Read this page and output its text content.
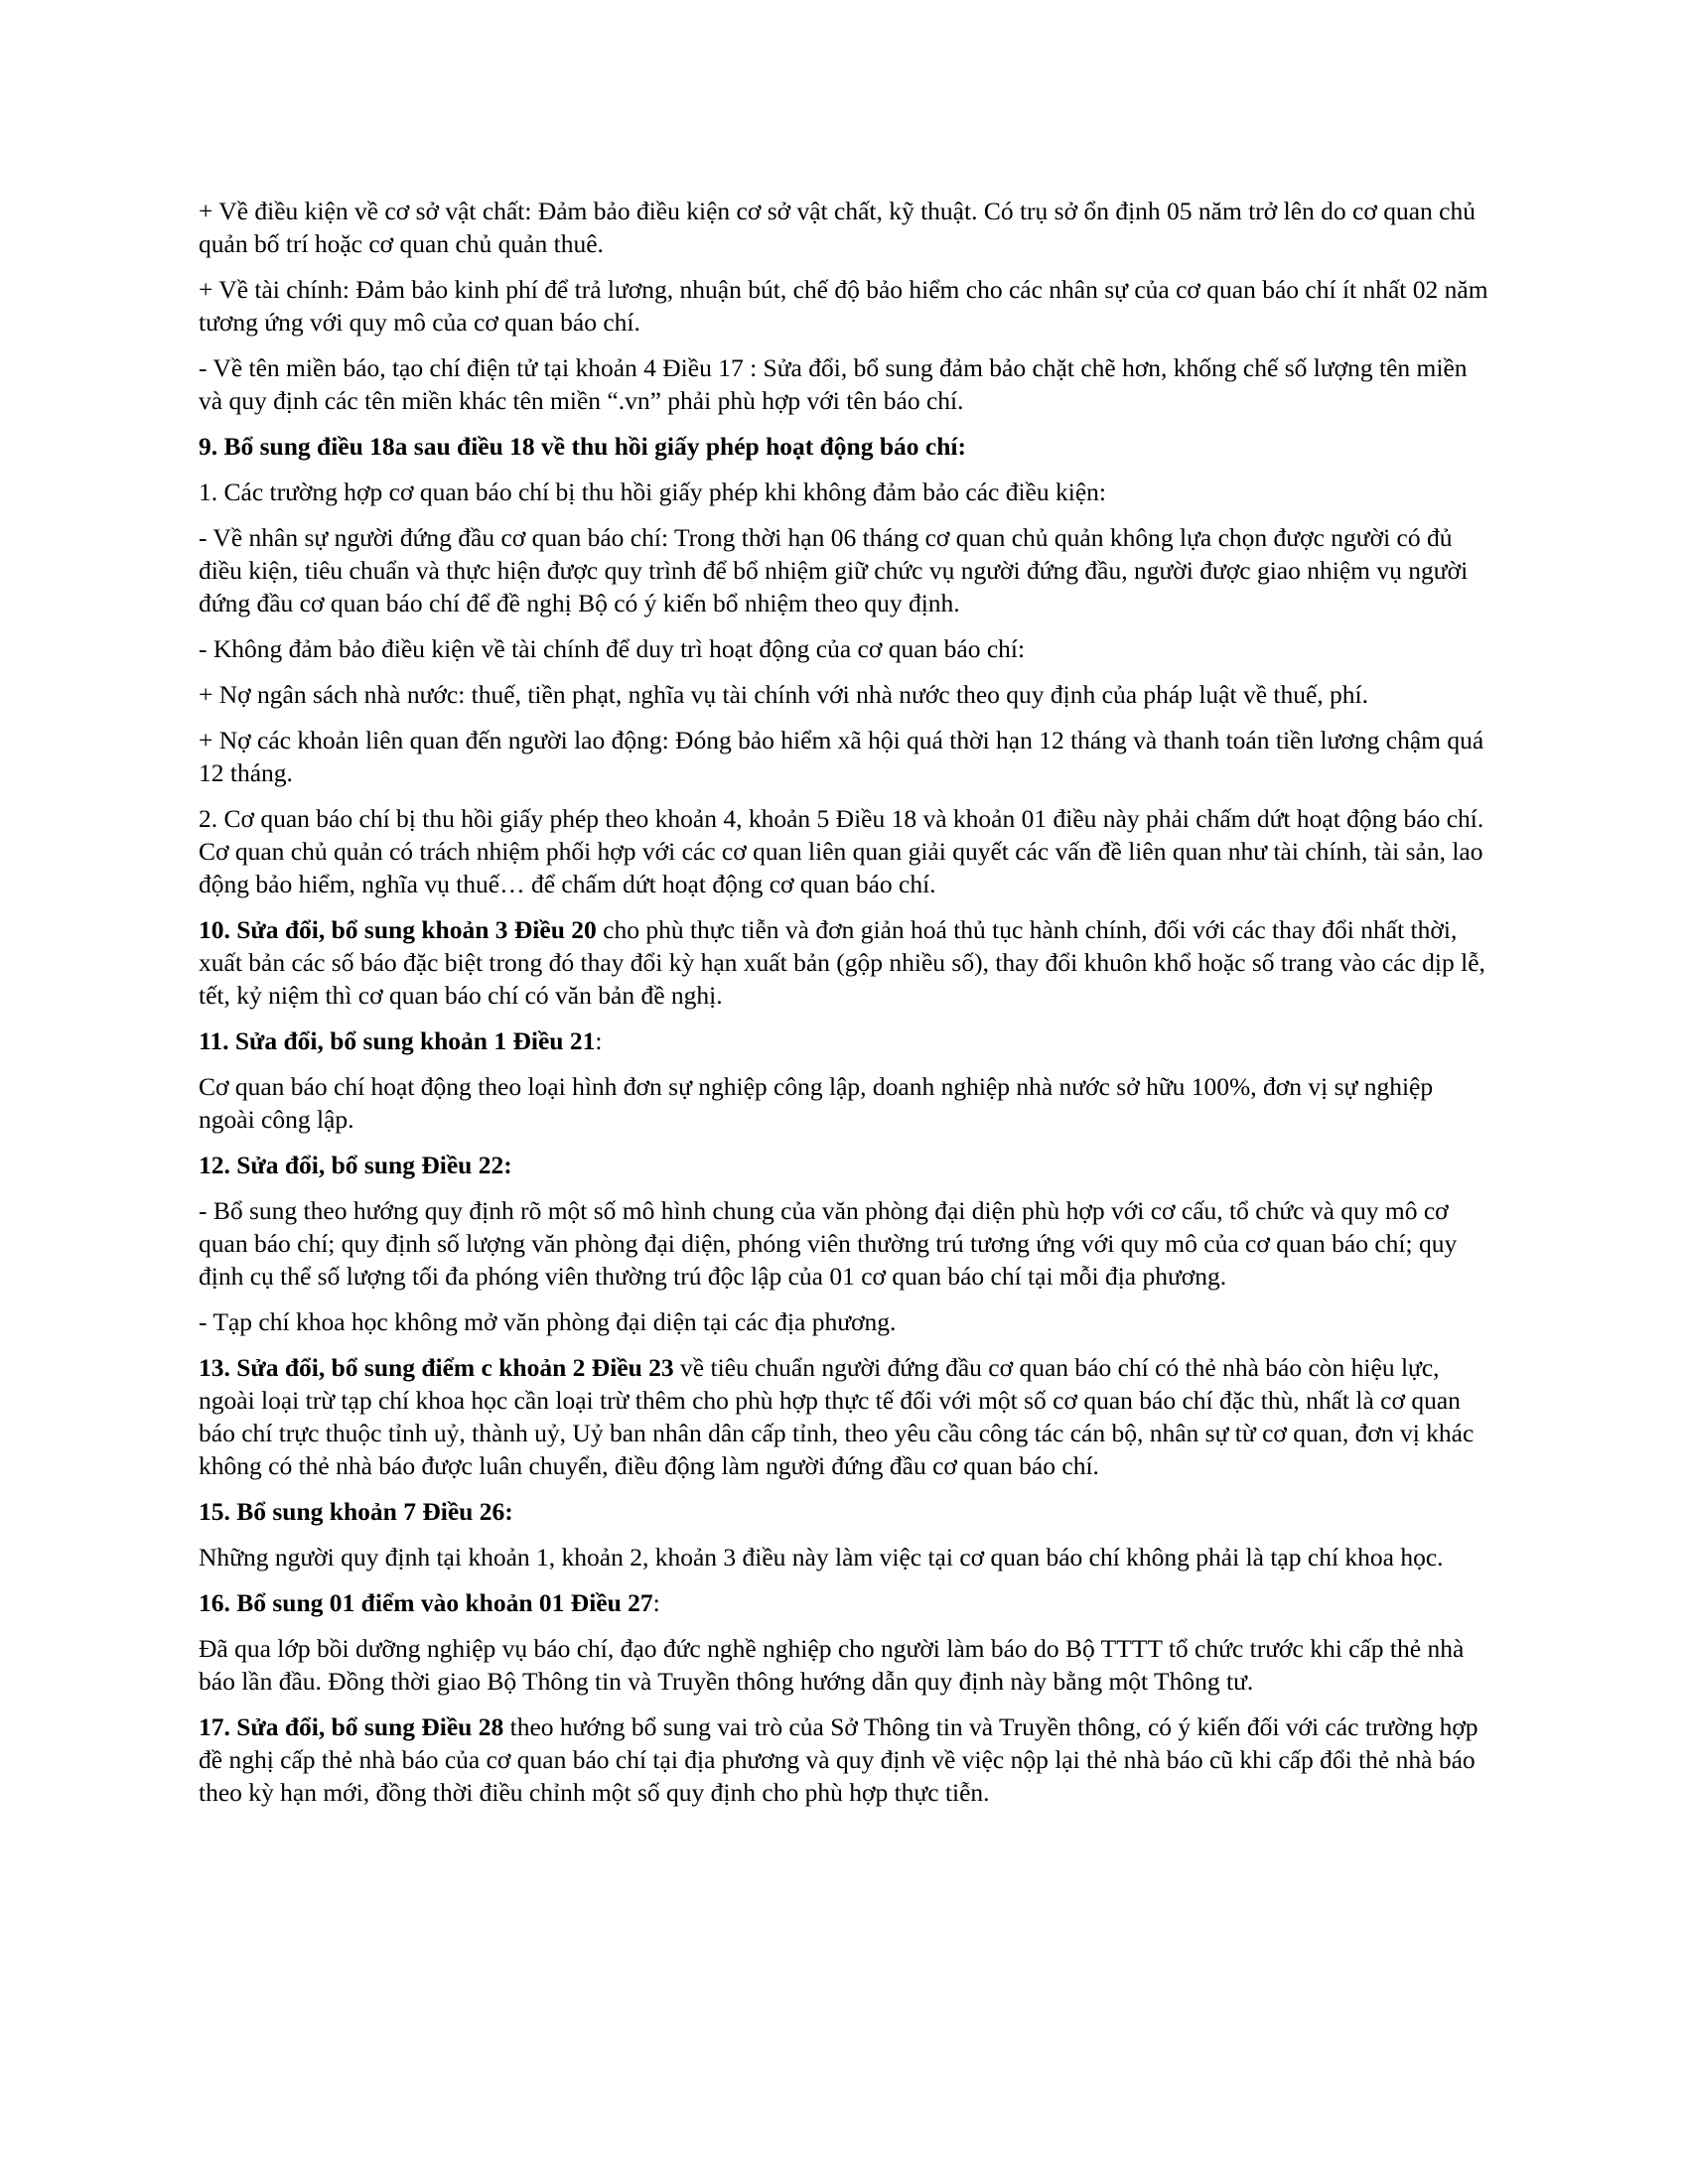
+ Về điều kiện về cơ sở vật chất: Đảm bảo điều kiện cơ sở vật chất, kỹ thuật. Có trụ sở ổn định 05 năm trở lên do cơ quan chủ quản bố trí hoặc cơ quan chủ quản thuê.

+ Về tài chính: Đảm bảo kinh phí để trả lương, nhuận bút, chế độ bảo hiểm cho các nhân sự của cơ quan báo chí ít nhất 02 năm tương ứng với quy mô của cơ quan báo chí.

- Về tên miền báo, tạo chí điện tử tại khoản 4 Điều 17 : Sửa đổi, bổ sung đảm bảo chặt chẽ hơn, khống chế số lượng tên miền và quy định các tên miền khác tên miền “.vn” phải phù hợp với tên báo chí.

9. Bổ sung điều 18a sau điều 18 về thu hồi giấy phép hoạt động báo chí:

1. Các trường hợp cơ quan báo chí bị thu hồi giấy phép khi không đảm bảo các điều kiện:

- Về nhân sự người đứng đầu cơ quan báo chí: Trong thời hạn 06 tháng cơ quan chủ quản không lựa chọn được người có đủ điều kiện, tiêu chuẩn và thực hiện được quy trình để bổ nhiệm giữ chức vụ người đứng đầu, người được giao nhiệm vụ người đứng đầu cơ quan báo chí để đề nghị Bộ có ý kiến bổ nhiệm theo quy định.

- Không đảm bảo điều kiện về tài chính để duy trì hoạt động của cơ quan báo chí:

+ Nợ ngân sách nhà nước: thuế, tiền phạt, nghĩa vụ tài chính với nhà nước theo quy định của pháp luật về thuế, phí.

+ Nợ các khoản liên quan đến người lao động: Đóng bảo hiểm xã hội quá thời hạn 12 tháng và thanh toán tiền lương chậm quá 12 tháng.

2. Cơ quan báo chí bị thu hồi giấy phép theo khoản 4, khoản 5 Điều 18 và khoản 01 điều này phải chấm dứt hoạt động báo chí. Cơ quan chủ quản có trách nhiệm phối hợp với các cơ quan liên quan giải quyết các vấn đề liên quan như tài chính, tài sản, lao động bảo hiểm, nghĩa vụ thuế… để chấm dứt hoạt động cơ quan báo chí.

10. Sửa đổi, bổ sung khoản 3 Điều 20 cho phù thực tiễn và đơn giản hoá thủ tục hành chính, đối với các thay đổi nhất thời, xuất bản các số báo đặc biệt trong đó thay đổi kỳ hạn xuất bản (gộp nhiều số), thay đổi khuôn khổ hoặc số trang vào các dịp lễ, tết, kỷ niệm thì cơ quan báo chí có văn bản đề nghị.

11. Sửa đổi, bổ sung khoản 1 Điều 21:

Cơ quan báo chí hoạt động theo loại hình đơn sự nghiệp công lập, doanh nghiệp nhà nước sở hữu 100%, đơn vị sự nghiệp ngoài công lập.

12. Sửa đổi, bổ sung Điều 22:

- Bổ sung theo hướng quy định rõ một số mô hình chung của văn phòng đại diện phù hợp với cơ cấu, tổ chức và quy mô cơ quan báo chí; quy định số lượng văn phòng đại diện, phóng viên thường trú tương ứng với quy mô của cơ quan báo chí; quy định cụ thể số lượng tối đa phóng viên thường trú độc lập của 01 cơ quan báo chí tại mỗi địa phương.

- Tạp chí khoa học không mở văn phòng đại diện tại các địa phương.

13. Sửa đổi, bổ sung điểm c khoản 2 Điều 23 về tiêu chuẩn người đứng đầu cơ quan báo chí có thẻ nhà báo còn hiệu lực, ngoài loại trừ tạp chí khoa học cần loại trừ thêm cho phù hợp thực tế đối với một số cơ quan báo chí đặc thù, nhất là cơ quan báo chí trực thuộc tỉnh uỷ, thành uỷ, Uỷ ban nhân dân cấp tỉnh, theo yêu cầu công tác cán bộ, nhân sự từ cơ quan, đơn vị khác không có thẻ nhà báo được luân chuyển, điều động làm người đứng đầu cơ quan báo chí.

15. Bổ sung khoản 7 Điều 26:

Những người quy định tại khoản 1, khoản 2, khoản 3 điều này làm việc tại cơ quan báo chí không phải là tạp chí khoa học.

16. Bổ sung 01 điểm vào khoản 01 Điều 27:

Đã qua lớp bồi dưỡng nghiệp vụ báo chí, đạo đức nghề nghiệp cho người làm báo do Bộ TTTT tổ chức trước khi cấp thẻ nhà báo lần đầu. Đồng thời giao Bộ Thông tin và Truyền thông hướng dẫn quy định này bằng một Thông tư.

17. Sửa đổi, bổ sung Điều 28 theo hướng bổ sung vai trò của Sở Thông tin và Truyền thông, có ý kiến đối với các trường hợp đề nghị cấp thẻ nhà báo của cơ quan báo chí tại địa phương và quy định về việc nộp lại thẻ nhà báo cũ khi cấp đổi thẻ nhà báo theo kỳ hạn mới, đồng thời điều chỉnh một số quy định cho phù hợp thực tiễn.
